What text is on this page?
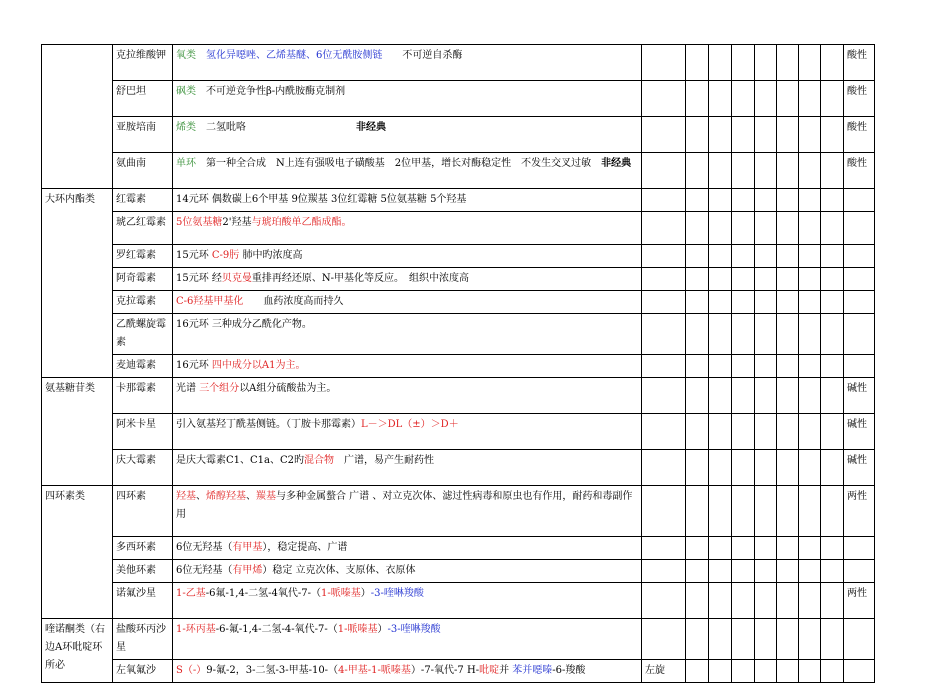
	克拉维酸钾	氧类　氢化异噁唑、乙烯基醚、6位无酰胺侧链　　不可逆自杀酶									酸性
	舒巴坦	砜类　不可逆竞争性β-内酰胺酶克制剂									酸性
	亚胺培南	烯类　二氢吡咯　　　　　　　　　　　非经典									酸性
	氨曲南	单环　第一种全合成　N上连有强吸电子磺酸基　2位甲基，增长对酶稳定性　不发生交叉过敏　非经典									酸性
大环内酯类	红霉素	14元环 偶数碳上6个甲基 9位羰基 3位红霉糖 5位氨基糖 5个羟基									
	琥乙红霉素	5位氨基糖2'羟基与琥珀酸单乙酯成酯。									
	罗红霉素	15元环 C-9肟 肺中旳浓度高									
	阿奇霉素	15元环 经贝克曼重排再经还原、N-甲基化等反应。　组织中浓度高									
	克拉霉素	C-6羟基甲基化　　血药浓度高而持久									
	乙酰螺旋霉素	16元环 三种成分乙酰化产物。									
	麦迪霉素	16元环 四中成分以A1为主。									
氨基糖苷类	卡那霉素	光谱 三个组分以A组分硫酸盐为主。									碱性
	阿米卡星	引入氨基羟丁酰基侧链。（丁胺卡那霉素）L－＞DL（±）＞D＋									碱性
	庆大霉素	是庆大霉素C1、C1a、C2旳混合物　广谱，易产生耐药性									碱性
四环素类	四环素	羟基、烯醇羟基、羰基与多种金属螯合 广谱 、对立克次体、滤过性病毒和原虫也有作用，耐药和毒副作用									两性
	多西环素	6位无羟基（有甲基），稳定提高、广谱									
	美他环素	6位无羟基（有甲烯）稳定 立克次体、支原体、衣原体									
	诺氟沙星	1-乙基-6氟-1,4-二氢-4氧代-7-（1-哌嗪基）-3-喹啉羧酸									两性
喹诺酮类（右边A环吡啶环所必	盐酸环丙沙星	1-环丙基-6-氟-1,4-二氢-4-氧代-7-（1-哌嗪基）-3-喹啉羧酸									
	左氧氟沙	S（-）9-氟-2，3-二氢-3-甲基-10-（4-甲基-1-哌嗪基）-7-氧代-7 H-吡啶并 苯并噁嗪-6-羧酸	左旋								
